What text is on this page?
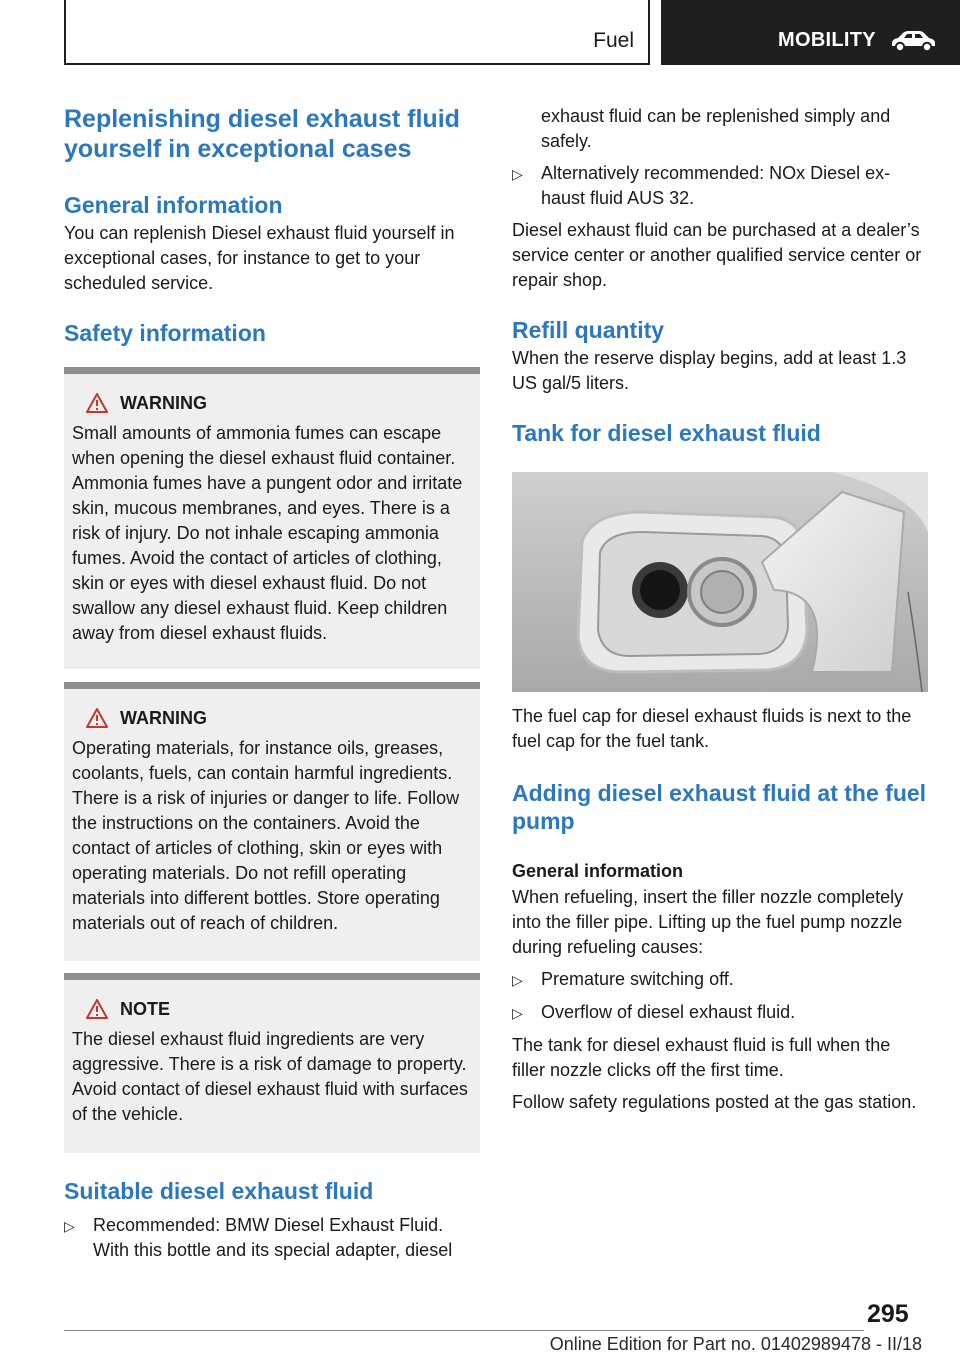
Fuel	MOBILITY
Replenishing diesel exhaust fluid yourself in exceptional cases
General information
You can replenish Diesel exhaust fluid yourself in exceptional cases, for instance to get to your scheduled service.
Safety information
WARNING
Small amounts of ammonia fumes can escape when opening the diesel exhaust fluid container. Ammonia fumes have a pungent odor and irritate skin, mucous membranes, and eyes. There is a risk of injury. Do not inhale escaping ammonia fumes. Avoid the contact of articles of clothing, skin or eyes with diesel exhaust fluid. Do not swallow any diesel exhaust fluid. Keep children away from diesel exhaust fluids.
WARNING
Operating materials, for instance oils, greases, coolants, fuels, can contain harmful ingredients. There is a risk of injuries or danger to life. Follow the instructions on the containers. Avoid the contact of articles of clothing, skin or eyes with operating materials. Do not refill operating materials into different bottles. Store operating materials out of reach of children.
NOTE
The diesel exhaust fluid ingredients are very aggressive. There is a risk of damage to property. Avoid contact of diesel exhaust fluid with surfaces of the vehicle.
Suitable diesel exhaust fluid
▷	Recommended: BMW Diesel Exhaust Fluid. With this bottle and its special adapter, diesel
exhaust fluid can be replenished simply and safely.
▷	Alternatively recommended: NOx Diesel exhaust fluid AUS 32.
Diesel exhaust fluid can be purchased at a dealer’s service center or another qualified service center or repair shop.
Refill quantity
When the reserve display begins, add at least 1.3 US gal/5 liters.
Tank for diesel exhaust fluid
The fuel cap for diesel exhaust fluids is next to the fuel cap for the fuel tank.
Adding diesel exhaust fluid at the fuel pump
General information
When refueling, insert the filler nozzle completely into the filler pipe. Lifting up the fuel pump nozzle during refueling causes:
▷	Premature switching off.
▷	Overflow of diesel exhaust fluid.
The tank for diesel exhaust fluid is full when the filler nozzle clicks off the first time.
Follow safety regulations posted at the gas station.
295
Online Edition for Part no. 01402989478 - II/18
